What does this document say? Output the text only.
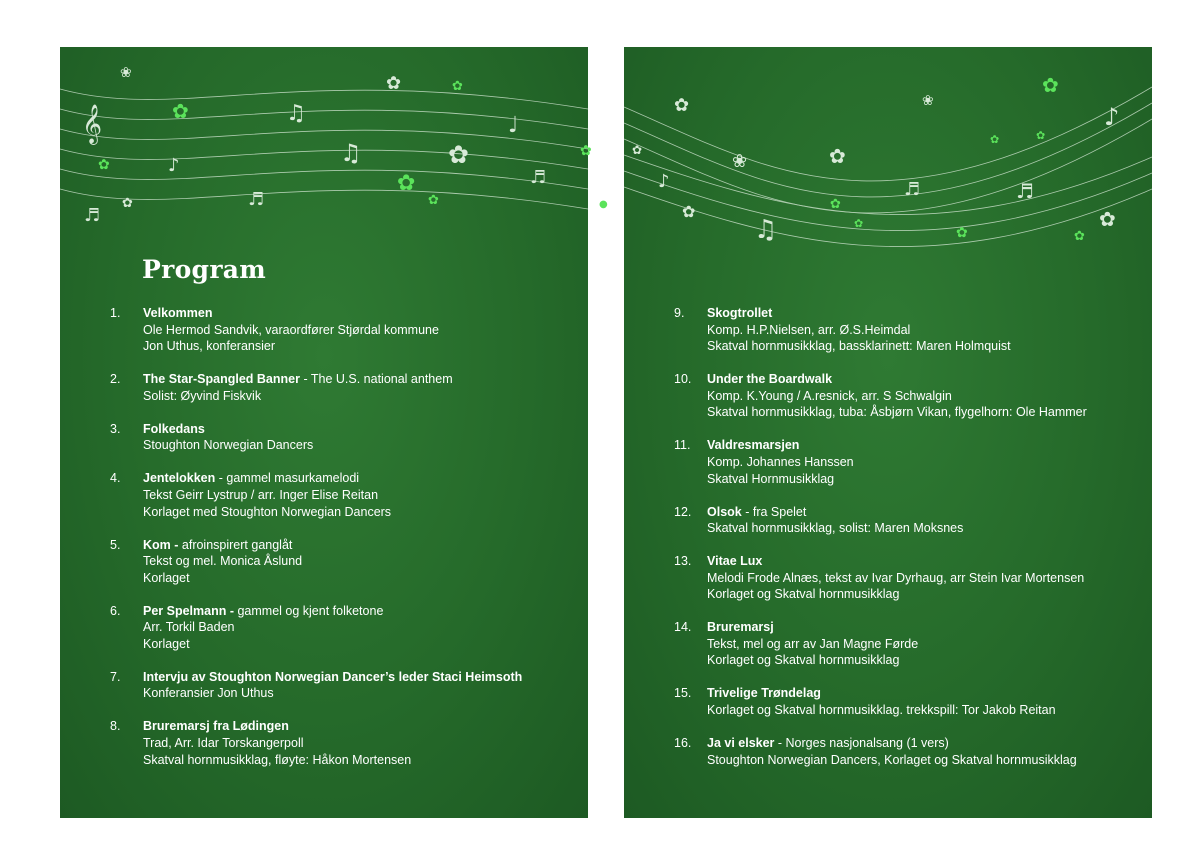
𝄞	♫
♪	♫
♩
♬
♬
♬
✿
✿	✿
✿
✿
✿
✿
✿
❀
✿
Program
1. Velkommen
Ole Hermod Sandvik, varaordfører Stjørdal kommune
Jon Uthus, konferansier
2. The Star-Spangled Banner - The U.S. national anthem
Solist: Øyvind Fiskvik
3. Folkedans
Stoughton Norwegian Dancers
4. Jentelokken - gammel masurkamelodi
Tekst Geirr Lystrup / arr. Inger Elise Reitan
Korlaget med Stoughton Norwegian Dancers
5. Kom - afroinspirert ganglåt
Tekst og mel. Monica Åslund
Korlaget
6. Per Spelmann - gammel og kjent folketone
Arr. Torkil Baden
Korlaget
7. Intervju av Stoughton Norwegian Dancer’s leder Staci Heimsoth
Konferansier Jon Uthus
8. Bruremarsj fra Lødingen
Trad, Arr. Idar Torskangerpoll
Skatval hornmusikklag, fløyte: Håkon Mortensen
♪
♫
♬	♬
♪
✿
✿
✿
✿
✿
✿	✿
✿
✿
✿	✿
✿
❀
❀
9. Skogtrollet
Komp. H.P.Nielsen, arr. Ø.S.Heimdal
Skatval hornmusikklag, bassklarinett: Maren Holmquist
10. Under the Boardwalk
Komp. K.Young / A.resnick, arr. S Schwalgin
Skatval hornmusikklag, tuba: Åsbjørn Vikan, flygelhorn: Ole Hammer
11. Valdresmarsjen
Komp. Johannes Hanssen
Skatval Hornmusikklag
12. Olsok - fra Spelet
Skatval hornmusikklag, solist: Maren Moksnes
13. Vitae Lux
Melodi Frode Alnæs, tekst av Ivar Dyrhaug, arr Stein Ivar Mortensen
Korlaget og Skatval hornmusikklag
14. Bruremarsj
Tekst, mel og arr av Jan Magne Førde
Korlaget og Skatval hornmusikklag
15. Trivelige Trøndelag
Korlaget og Skatval hornmusikklag. trekkspill: Tor Jakob Reitan
16. Ja vi elsker - Norges nasjonalsang (1 vers)
Stoughton Norwegian Dancers, Korlaget og Skatval hornmusikklag
●
